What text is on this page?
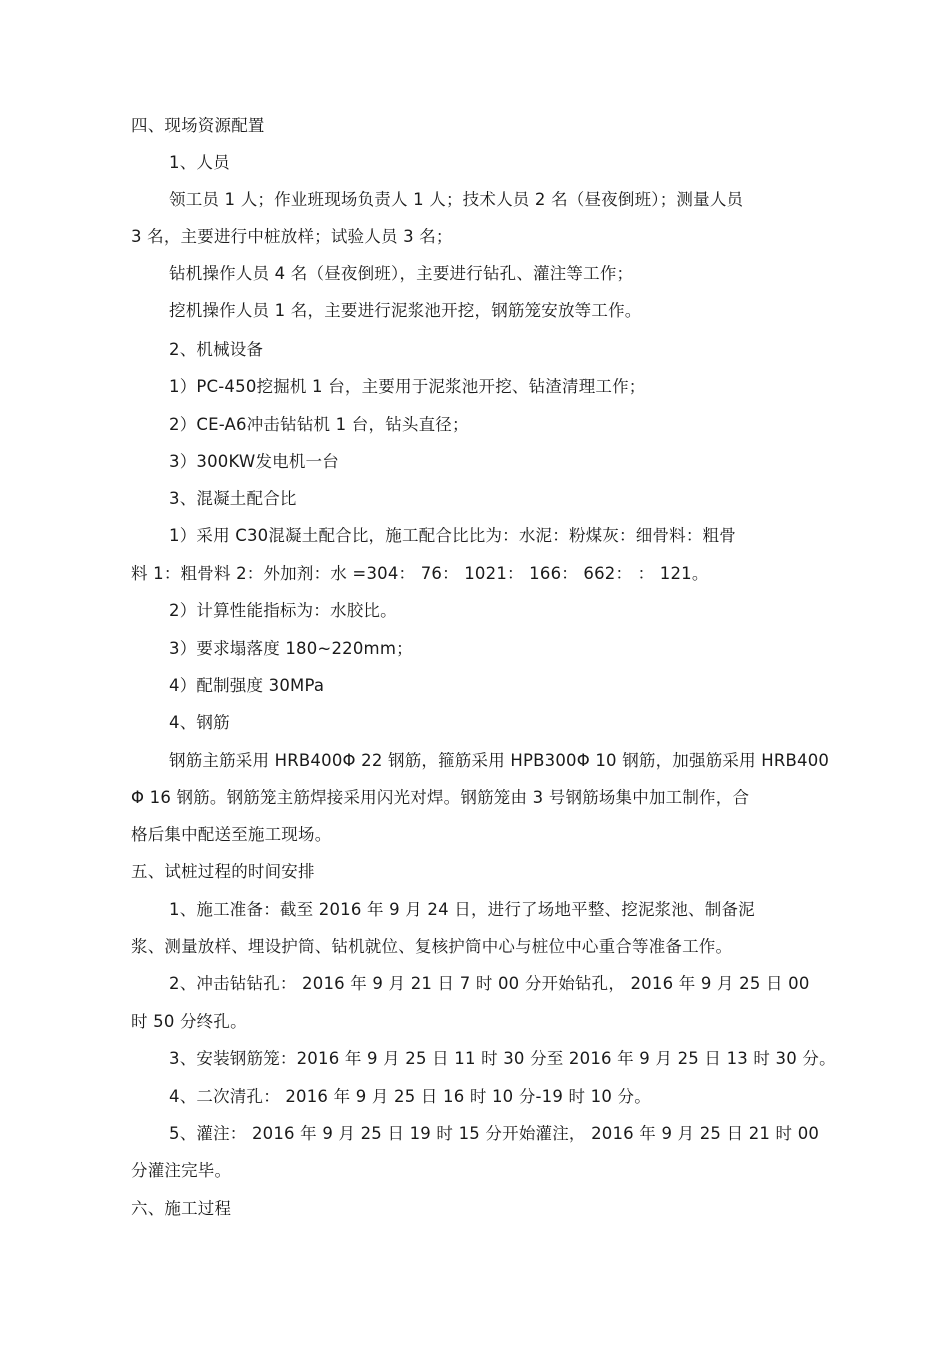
四、现场资源配置
1、人员
领工员 1 人；作业班现场负责人 1 人；技术人员 2 名（昼夜倒班）；测量人员
3 名，主要进行中桩放样；试验人员 3 名；
钻机操作人员 4 名（昼夜倒班），主要进行钻孔、灌注等工作；
挖机操作人员 1 名，主要进行泥浆池开挖，钢筋笼安放等工作。
2、机械设备
1）PC-450挖掘机 1 台，主要用于泥浆池开挖、钻渣清理工作；
2）CE-A6冲击钻钻机 1 台，钻头直径；
3）300KW发电机一台
3、混凝土配合比
1）采用 C30混凝土配合比，施工配合比比为：水泥：粉煤灰：细骨料：粗骨
料 1：粗骨料 2：外加剂：水 =304： 76： 1021： 166： 662： ： 121。
2）计算性能指标为：水胶比。
3）要求塌落度 180~220mm；
4）配制强度 30MPa
4、钢筋
钢筋主筋采用 HRB400Φ 22 钢筋，箍筋采用 HPB300Φ 10 钢筋，加强筋采用 HRB400
Φ 16 钢筋。钢筋笼主筋焊接采用闪光对焊。钢筋笼由 3 号钢筋场集中加工制作，合
格后集中配送至施工现场。
五、试桩过程的时间安排
1、施工准备：截至 2016 年 9 月 24 日，进行了场地平整、挖泥浆池、制备泥
浆、测量放样、埋设护筒、钻机就位、复核护筒中心与桩位中心重合等准备工作。
2、冲击钻钻孔： 2016 年 9 月 21 日 7 时 00 分开始钻孔， 2016 年 9 月 25 日 00
时 50 分终孔。
3、安装钢筋笼：2016 年 9 月 25 日 11 时 30 分至 2016 年 9 月 25 日 13 时 30 分。
4、二次清孔： 2016 年 9 月 25 日 16 时 10 分-19 时 10 分。
5、灌注： 2016 年 9 月 25 日 19 时 15 分开始灌注， 2016 年 9 月 25 日 21 时 00
分灌注完毕。
六、施工过程
